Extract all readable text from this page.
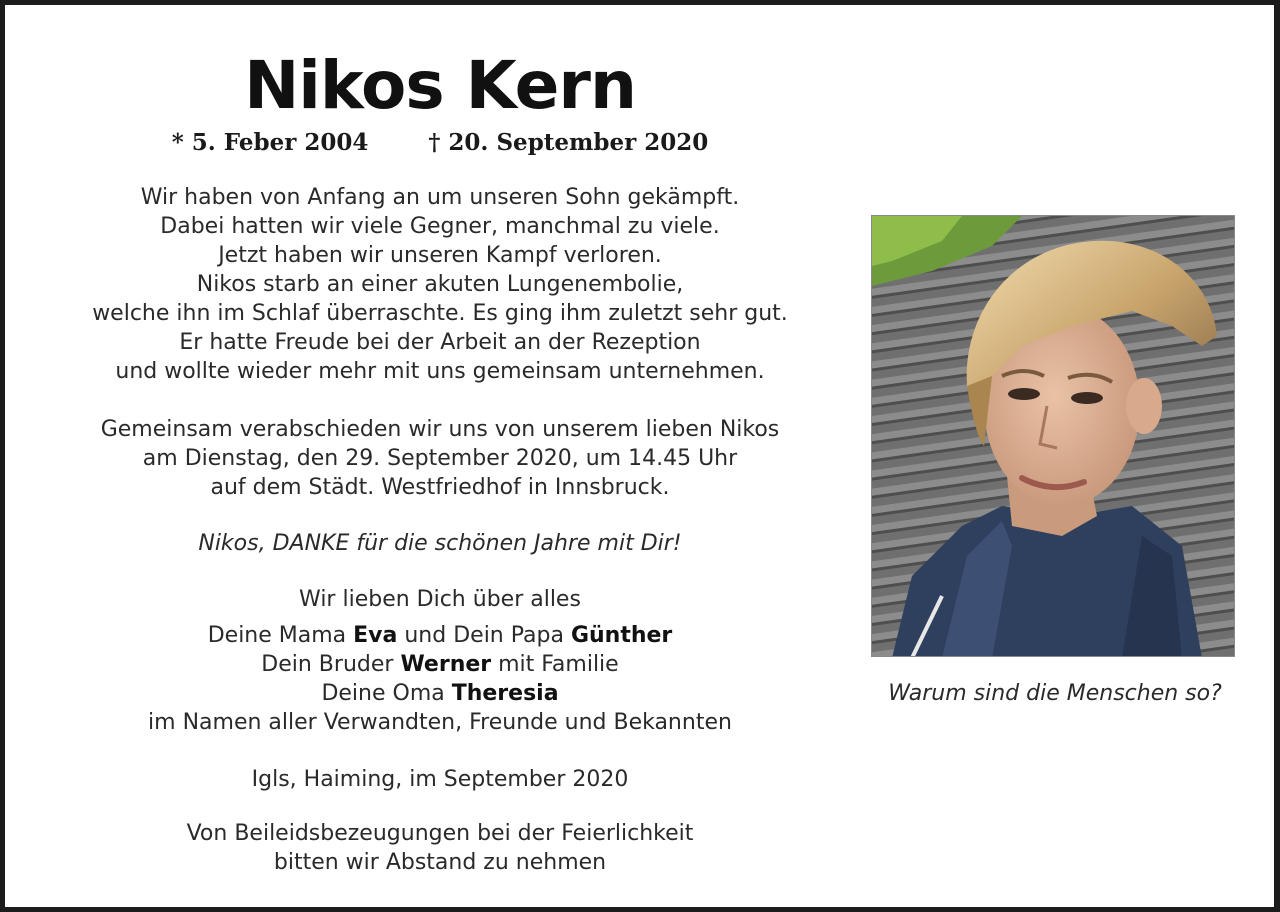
Nikos Kern
* 5. Feber 2004	† 20. September 2020
Wir haben von Anfang an um unseren Sohn gekämpft.
Dabei hatten wir viele Gegner, manchmal zu viele.
Jetzt haben wir unseren Kampf verloren.
Nikos starb an einer akuten Lungenembolie,
welche ihn im Schlaf überraschte. Es ging ihm zuletzt sehr gut.
Er hatte Freude bei der Arbeit an der Rezeption
und wollte wieder mehr mit uns gemeinsam unternehmen.
Gemeinsam verabschieden wir uns von unserem lieben Nikos
am Dienstag, den 29. September 2020, um 14.45 Uhr
auf dem Städt. Westfriedhof in Innsbruck.
Nikos, DANKE für die schönen Jahre mit Dir!
Wir lieben Dich über alles
Deine Mama Eva und Dein Papa Günther
Dein Bruder Werner mit Familie
Deine Oma Theresia
im Namen aller Verwandten, Freunde und Bekannten
Igls, Haiming, im September 2020
Von Beileidsbezeugungen bei der Feierlichkeit
bitten wir Abstand zu nehmen
Warum sind die Menschen so?
